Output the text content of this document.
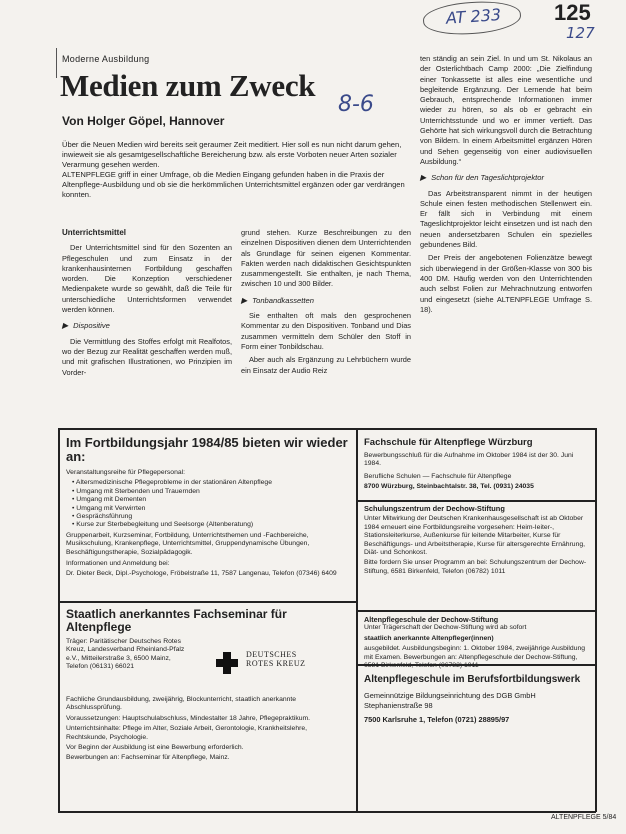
AT 233 125
127
8-6
Moderne Ausbildung
Medien zum Zweck
Von Holger Göpel, Hannover
Über die Neuen Medien wird bereits seit geraumer Zeit meditiert. Hier soll es nun nicht darum gehen, inwieweit sie als gesamtgesellschaftliche Bereicherung bzw. als erste Vorboten neuer Arten sozialer Verarmung gesehen werden.
ALTENPFLEGE griff in einer Umfrage, ob die Medien Eingang gefunden haben in die Praxis der Altenpflege-Ausbildung und ob sie die herkömmlichen Unterrichtsmittel ergänzen oder gar verdrängen konnten.
Unterrichtsmittel

Der Unterrichtsmittel sind für den Sozenten an Pflegeschulen und zum Einsatz in der krankenhausinternen Fortbildung geschaffen worden. Die Konzeption verschiedener Medienpakete wurde so gewählt, daß die Teile für unterschiedliche Unterrichtsformen verwendet werden können.

▶ Dispositive

Die Vermittlung des Stoffes erfolgt mit Realfotos, wo der Bezug zur Realität geschaffen werden muß, und mit grafischen Illustrationen, wo Prinzipien im Vorder-

grund stehen. Kurze Beschreibungen zu den einzelnen Dispositiven dienen dem Unterrichtenden als Grundlage für seinen eigenen Kommentar. Fakten werden nach didaktischen Gesichtspunkten zusammengestellt. Sie enthalten, je nach Thema, zwischen 10 und 300 Bilder.

▶ Tonbandkassetten

Sie enthalten oft mals den gesprochenen Kommentar zu den Dispositiven. Tonband und Dias zusammen vermitteln dem Schüler den Stoff in Form einer Tonbildschau.

Aber auch als Ergänzung zu Lehrbüchern wurde ein Einsatz der Audio Reiz

ten ständig an sein Ziel. In und um St. Nikolaus an der Osterlichtbach Camp 2000: „Die Zielfindung einer Tonkassette ist alles eine wesentliche und begleitende Ergänzung. Der Lernende hat beim Gebrauch, entsprechende Informationen immer wieder zu hören, so als ob er gebracht ein Unterrichtsstunde und wo er immer vertieft. Das Gehörte hat sich wirkungsvoll durch die Betrachtung von Bildern. In einem Arbeitsmittel ergänzen Hören und Sehen gegenseitig von einer audiovisuellen Ausbildung.“

▶ Schon für den Tageslichtprojektor

Das Arbeitstransparent nimmt in der heutigen Schule einen festen methodischen Stellenwert ein. Er fällt sich in Verbindung mit einem Tageslichtprojektor leicht einsetzen und ist nach den neuen andersetzbaren Schulen ein spezielles gebundenes Bild.

Der Preis der angebotenen Folienzätze bewegt sich überwiegend in der Größen-Klasse von 300 bis 400 DM. Häufig werden von den Unterrichtenden auch selbst Folien zur Mehrachnutzung entworfen und eingesetzt (siehe ALTENPFLEGE Umfrage S. 18).

Im Fortbildungsjahr 1984/85 bieten wir wieder an:

Veranstaltungsreihe für Pflegepersonal:

• Altersmedizinische Pflegeprobleme in der stationären Altenpflege
• Umgang mit Sterbenden und Trauernden
• Umgang mit Dementen
• Umgang mit Verwirrten
• Gesprächsführung
• Kurse zur Sterbebegleitung und Seelsorge (Altenberatung)

Gruppenarbeit, Kurzseminar, Fortbildung, Unterrichtsthemen und -Fachbereiche, Musikschulung, Krankenpflege, Unterrichtsmittel, Gruppendynamische Übungen, Beschäftigungstherapie, Sozialpädagogik.

Informationen und Anmeldung bei:

Dr. Dieter Beck, Dipl.-Psychologe, Fröbelstraße 11, 7587 Langenau, Telefon (07346) 6409

Fachschule für Altenpflege Würzburg

Bewerbungsschluß für die Aufnahme im Oktober 1984 ist der 30. Juni 1984.

Berufliche Schulen — Fachschule für Altenpflege

8700 Würzburg, Steinbachtalstr. 38, Tel. (0931) 24035

Schulungszentrum der Dechow-Stiftung

Unter Mitwirkung der Deutschen Krankenhausgesellschaft ist ab Oktober 1984 erneuert eine Fortbildungsreihe vorgesehen: Heim-Ieiter-, Stationsleiterkurse, Außenkurse für leitende Mitarbeiter, Kurse für Beschäftigungs- und Arbeitstherapie, Kurse für altersgerechte Ernährung, Diät- und Schonkost.

Bitte fordern Sie unser Programm an bei: Schulungszentrum der Dechow-Stiftung, 6581 Birkenfeld, Telefon (06782) 1011

Staatlich anerkanntes Fachseminar für Altenpflege
Träger: Paritätischer Deutsches Rotes Kreuz, Landesverband Rheinland-Pfalz e.V., Mitteilerstraße 3, 6500 Mainz, Telefon (06131) 66021
DEUTSCHES ROTES KREUZ

Fachliche Grundausbildung, zweijährig, Blockunterricht, staatlich anerkannte Abschlussprüfung.

Voraussetzungen: Hauptschulabschluss, Mindestalter 18 Jahre, Pflegepraktikum.

Unterrichtsinhalte: Pflege im Alter, Soziale Arbeit, Gerontologie, Krankheitslehre, Rechtskunde, Psychologie.

Vor Beginn der Ausbildung ist eine Bewerbung erforderlich.

Bewerbungen an: Fachseminar für Altenpflege, Mainz.

Altenpflegeschule der Dechow-Stiftung

Unter Trägerschaft der Dechow-Stiftung wird ab sofort

staatlich anerkannte Altenpfleger(innen)

ausgebildet. Ausbildungsbeginn: 1. Oktober 1984, zweijährige Ausbildung mit Examen. Bewerbungen an: Altenpflegeschule der Dechow-Stiftung, 6581 Birkenfeld, Telefon (06782) 1011

Altenpflegeschule im Berufsfortbildungswerk

Gemeinnützige Bildungseinrichtung des DGB GmbH

Stephanienstraße 98

7500 Karlsruhe 1, Telefon (0721) 28895/97

ALTENPFLEGE 5/84
